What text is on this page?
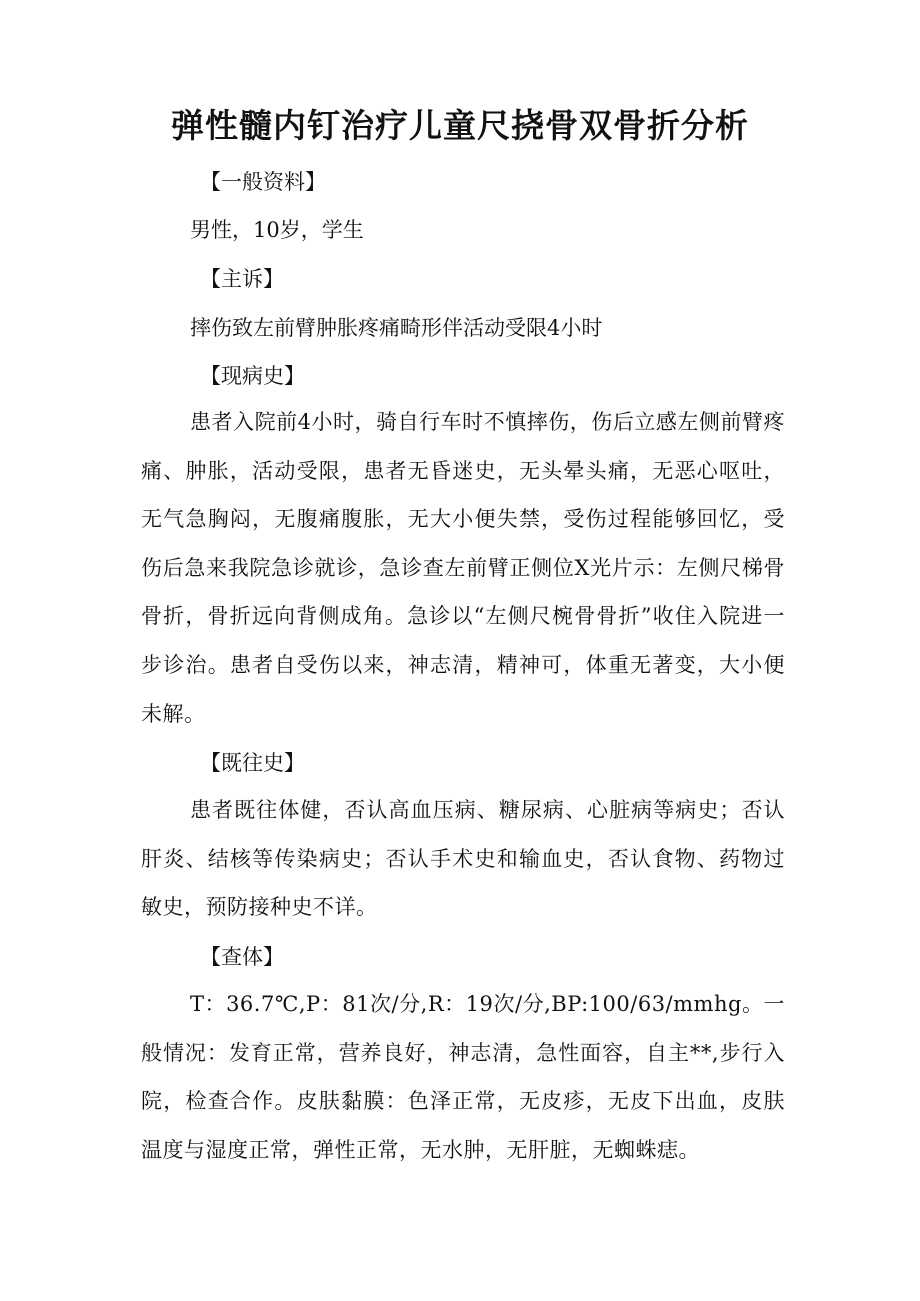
弹性髓内钉治疗儿童尺挠骨双骨折分析
【一般资料】
男性，10岁，学生
【主诉】
摔伤致左前臂肿胀疼痛畸形伴活动受限4小时
【现病史】

患者入院前4小时，骑自行车时不慎摔伤，伤后立感左侧前臂疼痛、肿胀，活动受限，患者无昏迷史，无头晕头痛，无恶心呕吐，无气急胸闷，无腹痛腹胀，无大小便失禁，受伤过程能够回忆，受伤后急来我院急诊就诊，急诊查左前臂正侧位X光片示：左侧尺梯骨骨折，骨折远向背侧成角。急诊以“左侧尺椀骨骨折”收住入院进一步诊治。患者自受伤以来，神志清，精神可，体重无著变，大小便未解。

【既往史】

患者既往体健，否认高血压病、糖尿病、心脏病等病史；否认肝炎、结核等传染病史；否认手术史和输血史，否认食物、药物过敏史，预防接种史不详。

【查体】

T：36.7℃,P：81次/分,R：19次/分,BP:100/63/mmhg。一般情况：发育正常，营养良好，神志清，急性面容，自主**,步行入院，检查合作。皮肤黏膜：色泽正常，无皮疹，无皮下出血，皮肤温度与湿度正常，弹性正常，无水肿，无肝脏，无蜘蛛痣。
